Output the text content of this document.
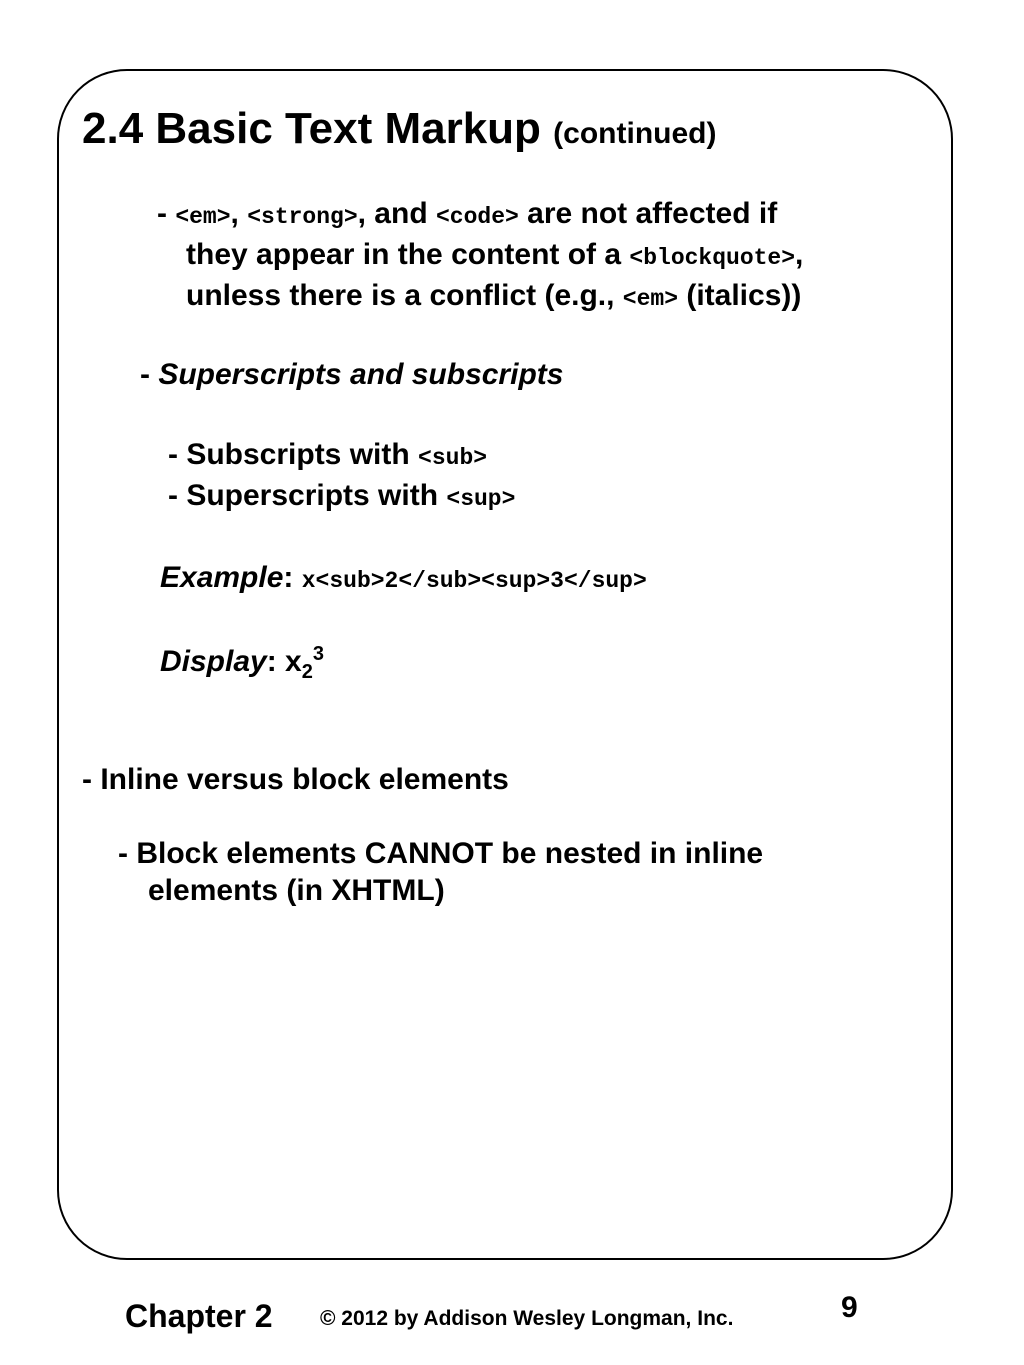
2.4 Basic Text Markup (continued)
- <em>, <strong>, and <code> are not affected if
they appear in the content of a <blockquote>,
unless there is a conflict (e.g., <em> (italics))
- Superscripts and subscripts
- Subscripts with <sub>
- Superscripts with <sup>
Example: x<sub>2</sub><sup>3</sup>
Display: $x_2^3$
- Inline versus block elements
- Block elements CANNOT be nested in inline
elements (in XHTML)
Chapter 2 © 2012 by Addison Wesley Longman, Inc.	9
